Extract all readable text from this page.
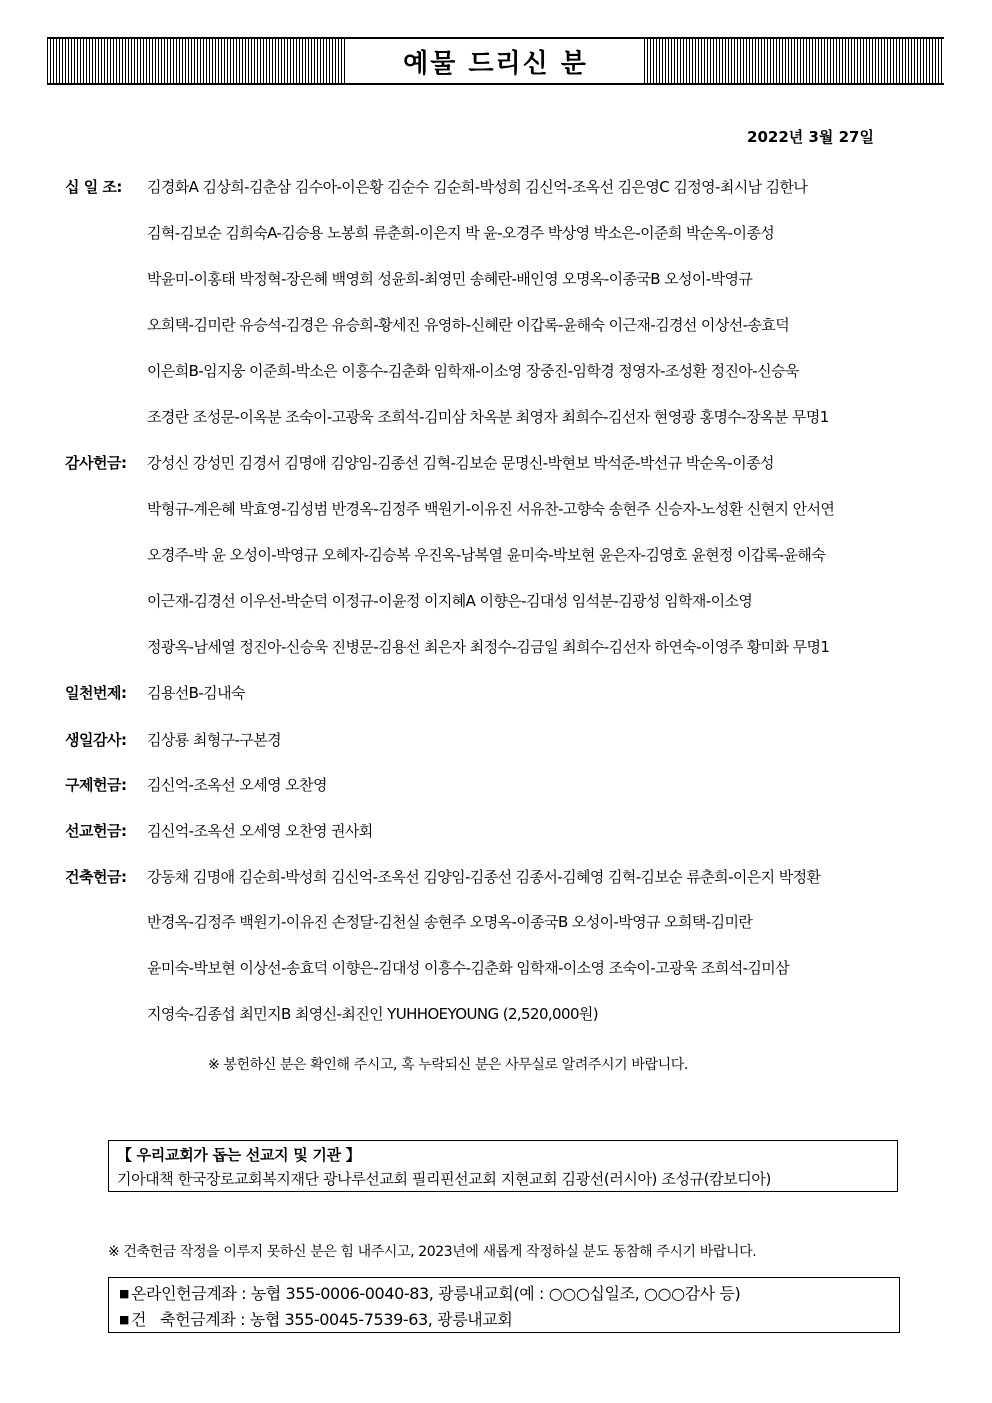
예물 드리신 분
2022년 3월 27일
십 일 조: 김경화A 김상희-김춘삼 김수아-이은황 김순수 김순희-박성희 김신억-조옥선 김은영C 김정영-최시남 김한나
김혁-김보순 김희숙A-김승용 노봉희 류춘희-이은지 박 윤-오경주 박상영 박소은-이준희 박순옥-이종성
박윤미-이홍태 박정혁-장은혜 백영희 성윤희-최영민 송혜란-배인영 오명옥-이종국B 오성이-박영규
오희택-김미란 유승석-김경은 유승희-황세진 유영하-신혜란 이갑록-윤해숙 이근재-김경선 이상선-송효덕
이은희B-임지웅 이준희-박소은 이흥수-김춘화 임학재-이소영 장중진-임학경 정영자-조성환 정진아-신승욱
조경란 조성문-이옥분 조숙이-고광욱 조희석-김미삼 차옥분 최영자 최희수-김선자 현영광 홍명수-장옥분 무명1
감사헌금: 강성신 강성민 김경서 김명애 김양임-김종선 김혁-김보순 문명신-박현보 박석준-박선규 박순옥-이종성
박형규-계은혜 박효영-김성범 반경옥-김정주 백원기-이유진 서유찬-고향숙 송현주 신승자-노성환 신현지 안서연
오경주-박 윤 오성이-박영규 오혜자-김승복 우진옥-남복열 윤미숙-박보현 윤은자-김영호 윤현정 이갑록-윤해숙
이근재-김경선 이우선-박순덕 이정규-이윤정 이지혜A 이향은-김대성 임석분-김광성 임학재-이소영
정광옥-남세열 정진아-신승욱 진병문-김용선 최은자 최정수-김금일 최희수-김선자 하연숙-이영주 황미화 무명1
일천번제: 김용선B-김내숙
생일감사: 김상룡 최형구-구본경
구제헌금: 김신억-조옥선 오세영 오찬영
선교헌금: 김신억-조옥선 오세영 오찬영 권사회
건축헌금: 강동채 김명애 김순희-박성희 김신억-조옥선 김양임-김종선 김종서-김혜영 김혁-김보순 류춘희-이은지 박정환
반경옥-김정주 백원기-이유진 손정달-김천실 송현주 오명옥-이종국B 오성이-박영규 오희택-김미란
윤미숙-박보현 이상선-송효덕 이향은-김대성 이흥수-김춘화 임학재-이소영 조숙이-고광욱 조희석-김미삼
지영숙-김종섭 최민지B 최영신-최진인 YUHHOEYOUNG (2,520,000원)
※ 봉헌하신 분은 확인해 주시고, 혹 누락되신 분은 사무실로 알려주시기 바랍니다.
【 우리교회가 돕는 선교지 및 기관 】
기아대책 한국장로교회복지재단 광나루선교회 필리핀선교회 지현교회 김광선(러시아) 조성규(캄보디아)
※ 건축헌금 작정을 이루지 못하신 분은 힘 내주시고, 2023년에 새롭게 작정하실 분도 동참해 주시기 바랍니다.
■ 온라인헌금계좌 : 농협 355-0006-0040-83, 광릉내교회(예 : ○○○십일조, ○○○감사 등)
■ 건   축헌금계좌 : 농협 355-0045-7539-63, 광릉내교회
